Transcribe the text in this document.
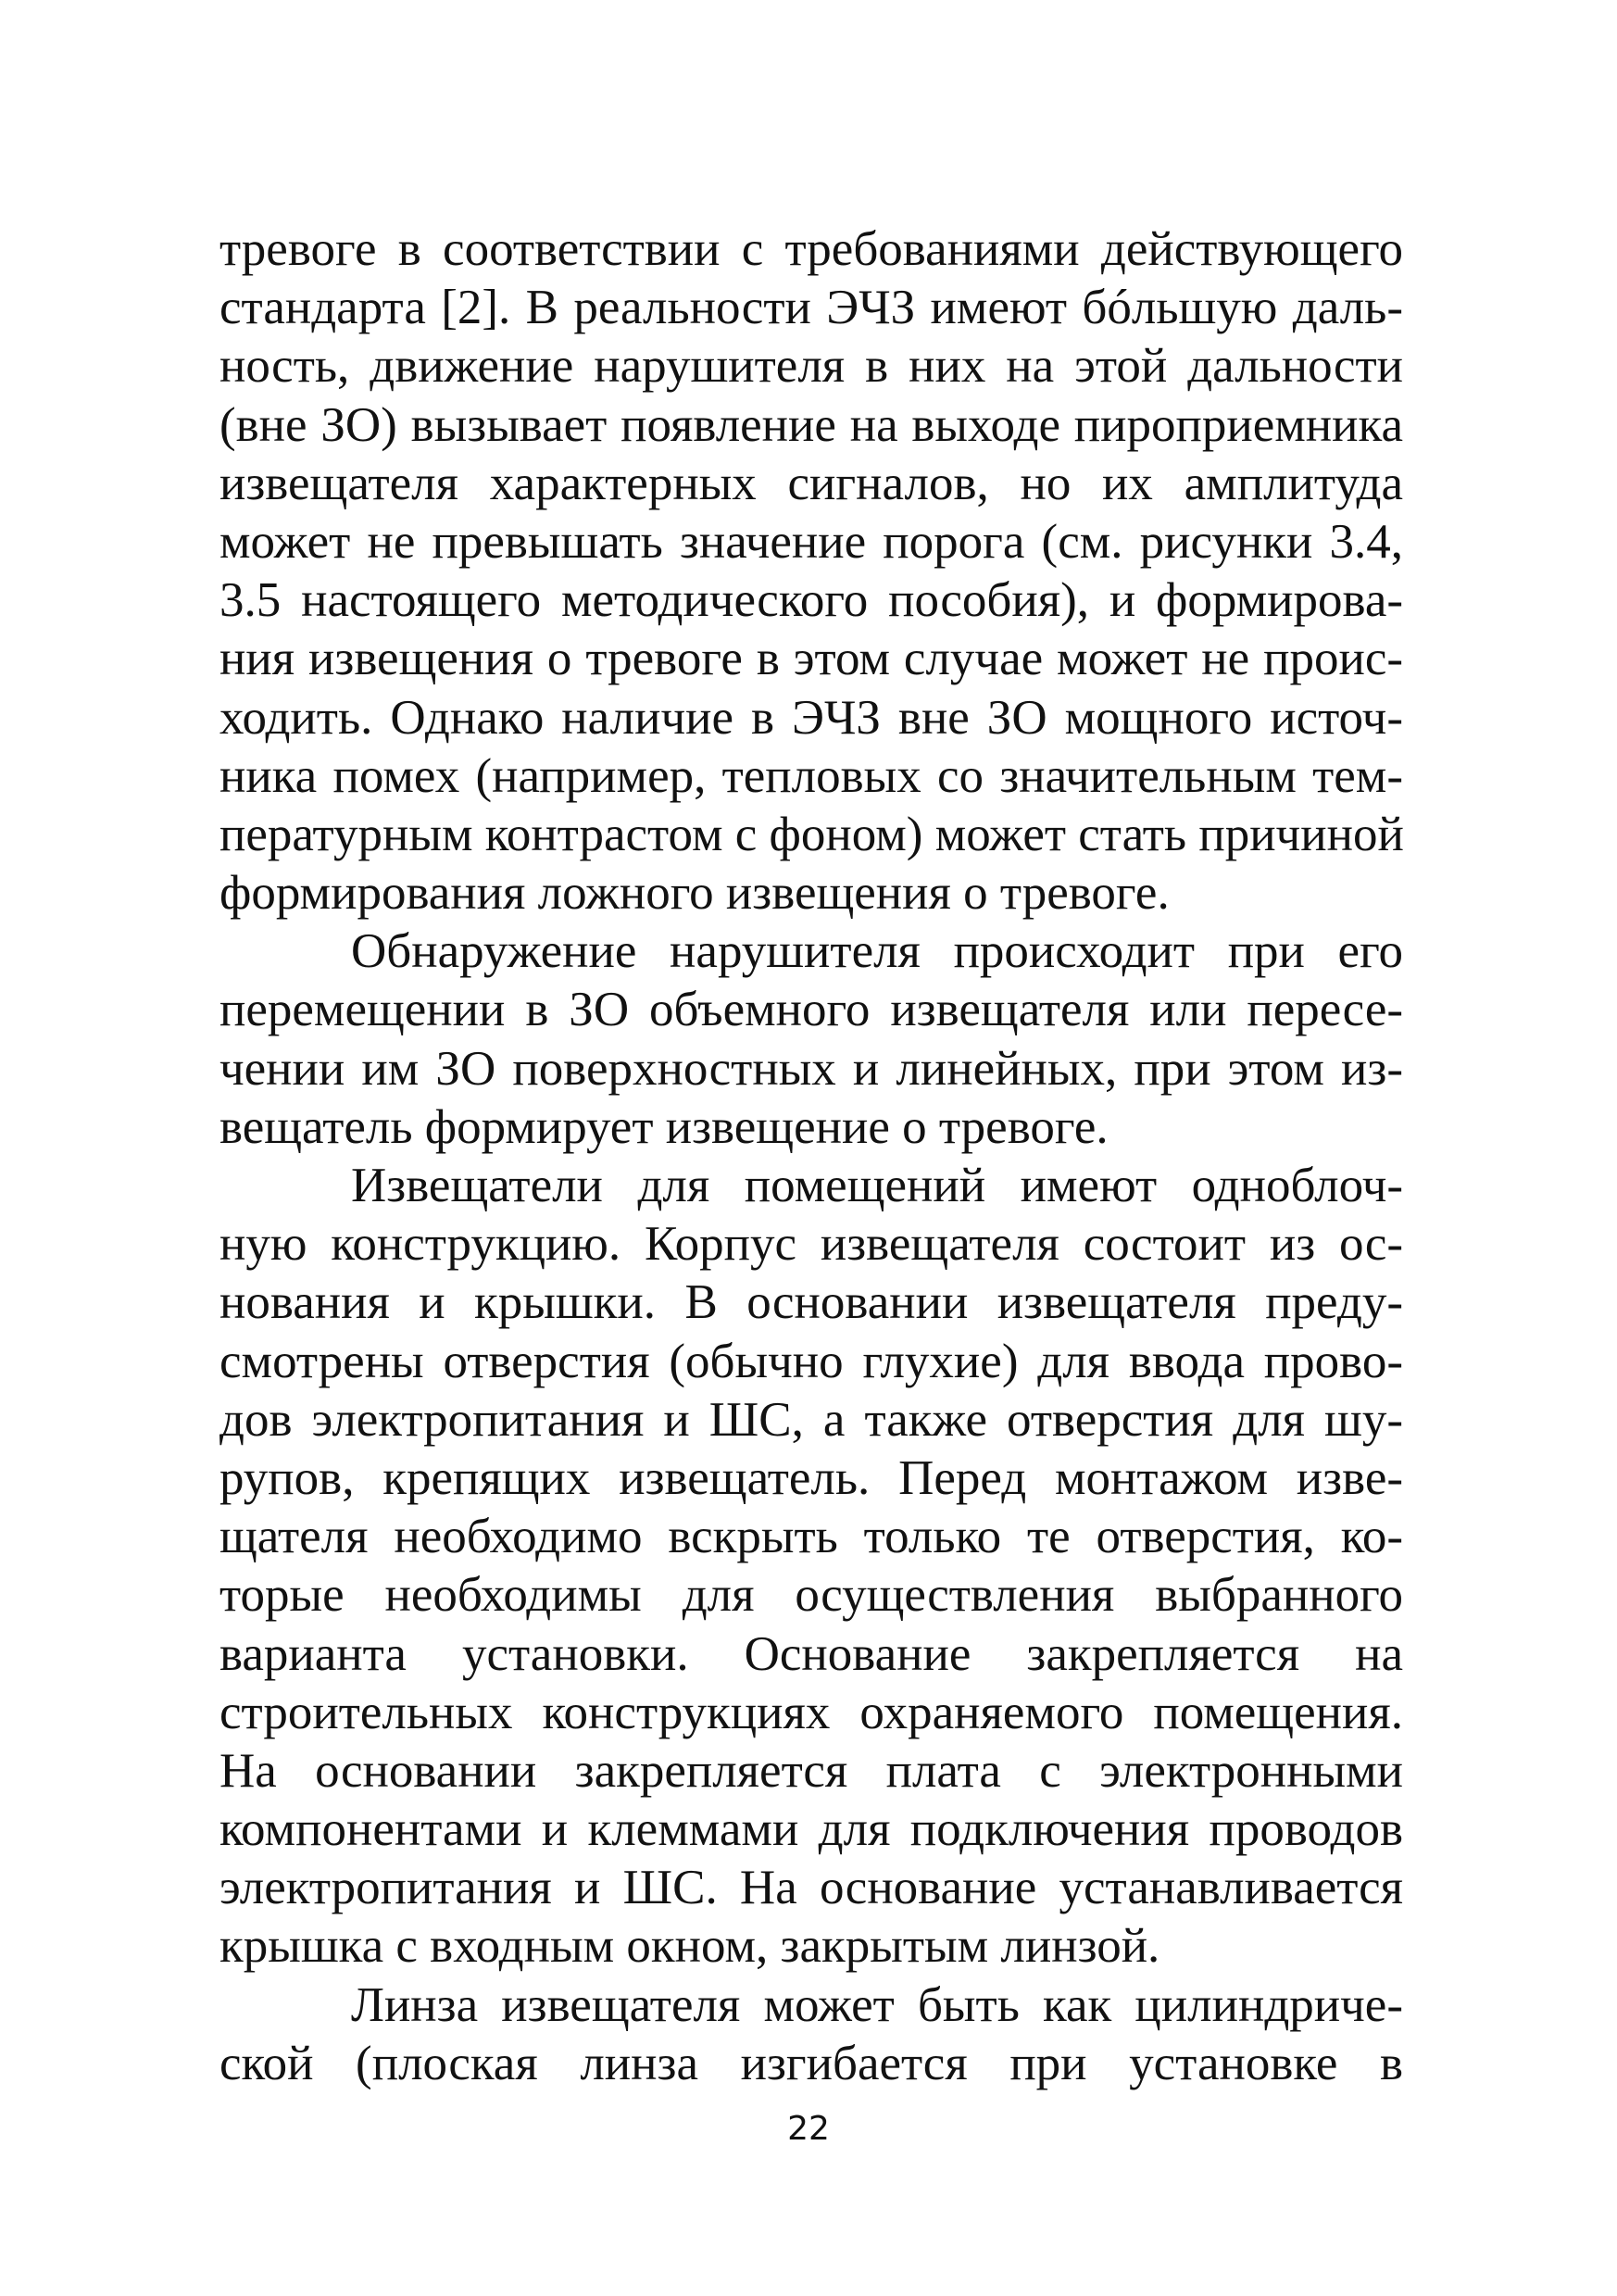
тревоге в соответствии с требованиями действующего
стандарта [2]. В реальности ЭЧЗ имеют бóльшую даль-
ность, движение нарушителя в них на этой дальности
(вне ЗО) вызывает появление на выходе пироприемника
извещателя характерных сигналов, но их амплитуда
может не превышать значение порога (см. рисунки 3.4,
3.5 настоящего методического пособия), и формирова-
ния извещения о тревоге в этом случае может не проис-
ходить. Однако наличие в ЭЧЗ вне ЗО мощного источ-
ника помех (например, тепловых со значительным тем-
пературным контрастом с фоном) может стать причиной
формирования ложного извещения о тревоге.
Обнаружение нарушителя происходит при его
перемещении в ЗО объемного извещателя или пересе-
чении им ЗО поверхностных и линейных, при этом из-
вещатель формирует извещение о тревоге.
Извещатели для помещений имеют одноблоч-
ную конструкцию. Корпус извещателя состоит из ос-
нования и крышки. В основании извещателя преду-
смотрены отверстия (обычно глухие) для ввода прово-
дов электропитания и ШС, а также отверстия для шу-
рупов, крепящих извещатель. Перед монтажом изве-
щателя необходимо вскрыть только те отверстия, ко-
торые необходимы для осуществления выбранного
варианта установки. Основание закрепляется на
строительных конструкциях охраняемого помещения.
На основании закрепляется плата с электронными
компонентами и клеммами для подключения проводов
электропитания и ШС. На основание устанавливается
крышка с входным окном, закрытым линзой.
Линза извещателя может быть как цилиндриче-
ской (плоская линза изгибается при установке в
22
